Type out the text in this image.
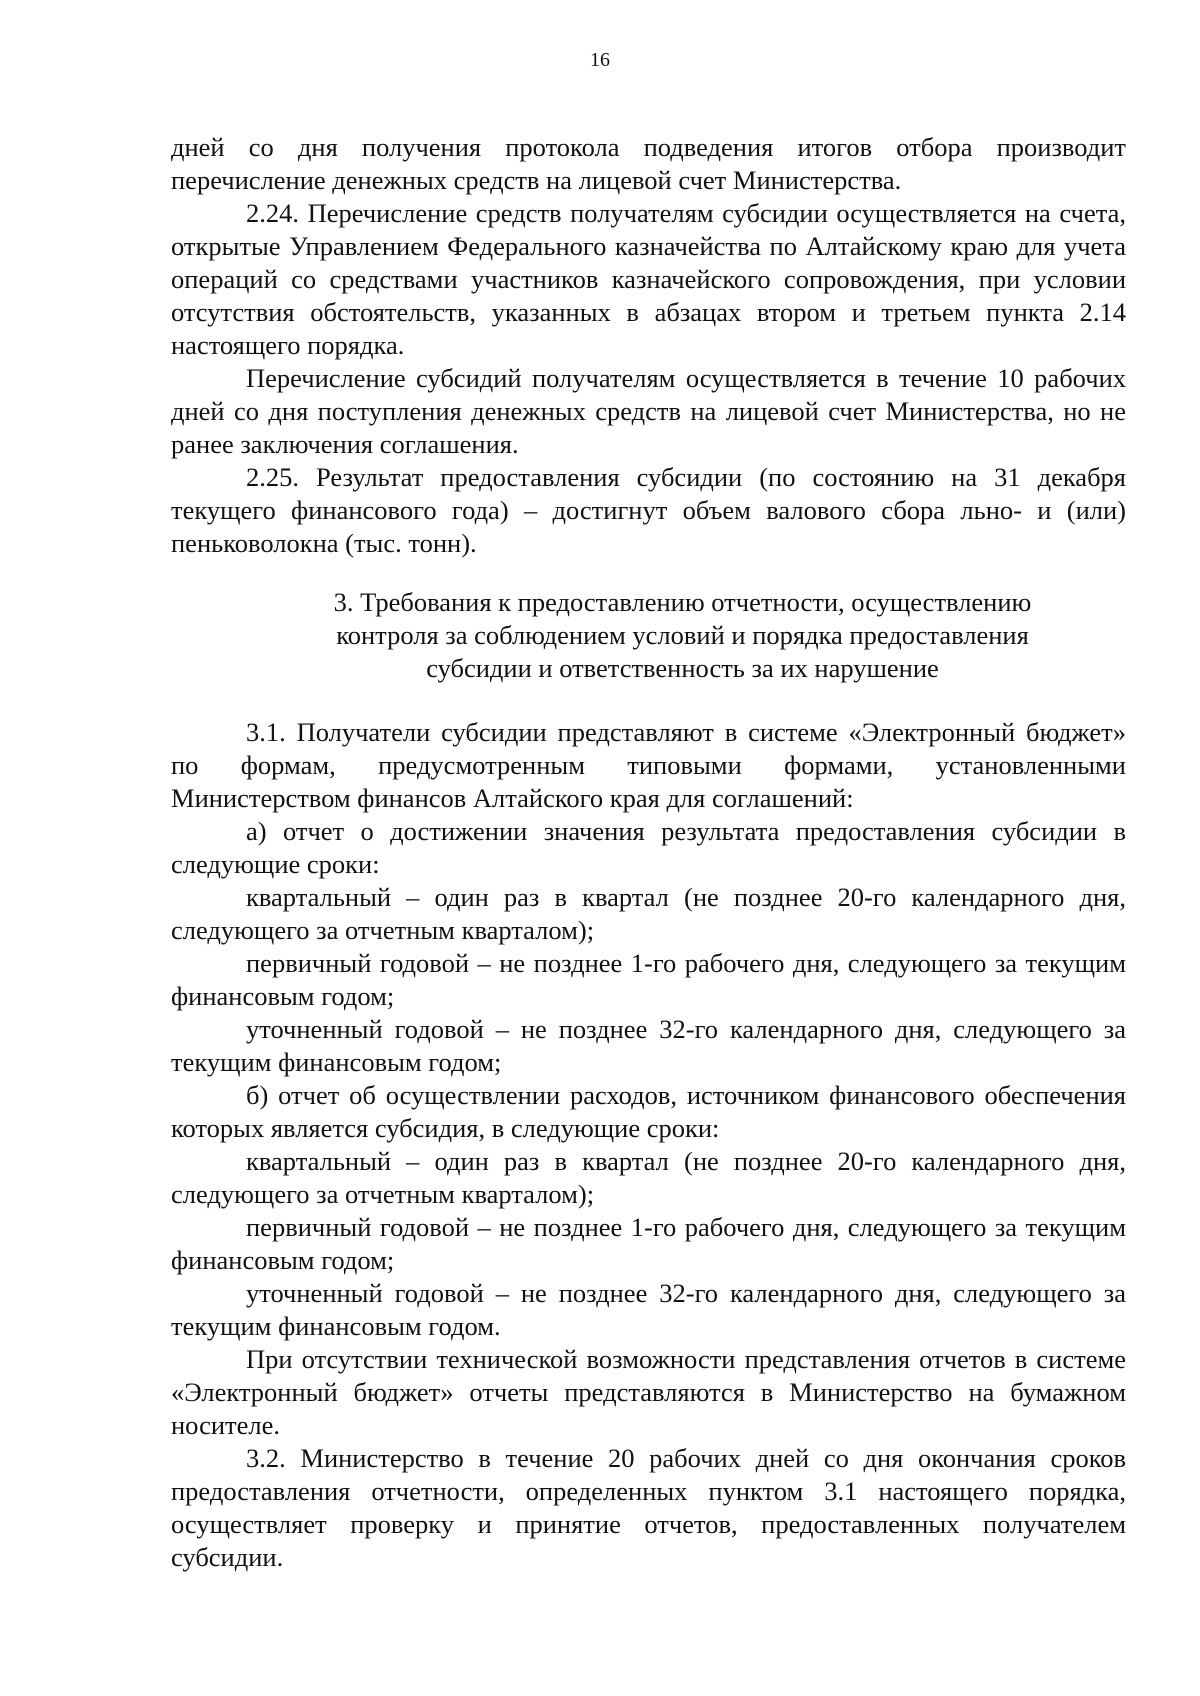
16

дней со дня получения протокола подведения итогов отбора производит перечисление денежных средств на лицевой счет Министерства.

2.24. Перечисление средств получателям субсидии осуществляется на счета, открытые Управлением Федерального казначейства по Алтайскому краю для учета операций со средствами участников казначейского сопровождения, при условии отсутствия обстоятельств, указанных в абзацах втором и третьем пункта 2.14 настоящего порядка.

Перечисление субсидий получателям осуществляется в течение 10 рабочих дней со дня поступления денежных средств на лицевой счет Министерства, но не ранее заключения соглашения.

2.25. Результат предоставления субсидии (по состоянию на 31 декабря текущего финансового года) – достигнут объем валового сбора льно- и (или) пеньковолокна (тыс. тонн).

3. Требования к предоставлению отчетности, осуществлению
контроля за соблюдением условий и порядка предоставления
субсидии и ответственность за их нарушение

3.1. Получатели субсидии представляют в системе «Электронный бюджет» по формам, предусмотренным типовыми формами, установленными Министерством финансов Алтайского края для соглашений:

а) отчет о достижении значения результата предоставления субсидии в следующие сроки:

квартальный – один раз в квартал (не позднее 20-го календарного дня, следующего за отчетным кварталом);

первичный годовой – не позднее 1-го рабочего дня, следующего за текущим финансовым годом;

уточненный годовой – не позднее 32-го календарного дня, следующего за текущим финансовым годом;

б) отчет об осуществлении расходов, источником финансового обеспечения которых является субсидия, в следующие сроки:

квартальный – один раз в квартал (не позднее 20-го календарного дня, следующего за отчетным кварталом);

первичный годовой – не позднее 1-го рабочего дня, следующего за текущим финансовым годом;

уточненный годовой – не позднее 32-го календарного дня, следующего за текущим финансовым годом.

При отсутствии технической возможности представления отчетов в системе «Электронный бюджет» отчеты представляются в Министерство на бумажном носителе.

3.2. Министерство в течение 20 рабочих дней со дня окончания сроков предоставления отчетности, определенных пунктом 3.1 настоящего порядка, осуществляет проверку и принятие отчетов, предоставленных получателем субсидии.
